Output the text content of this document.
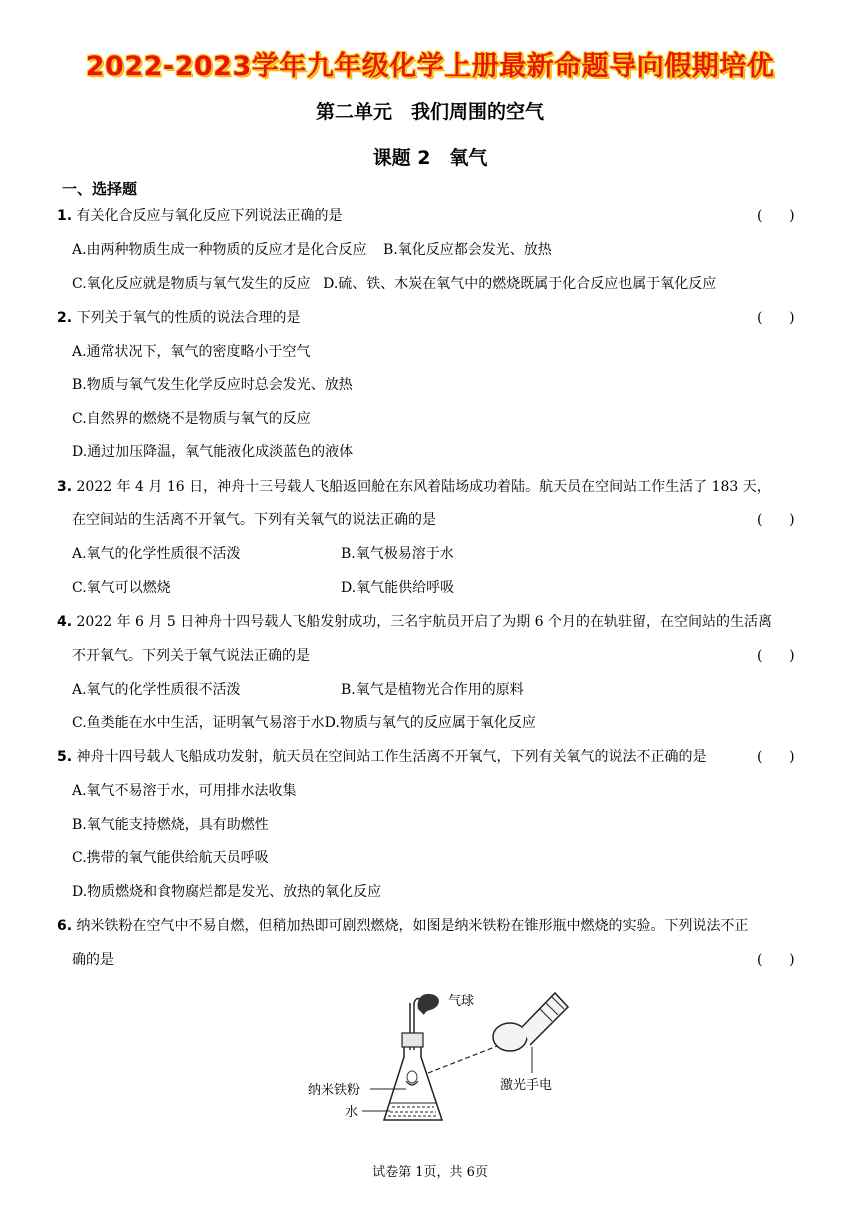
2022-2023学年九年级化学上册最新命题导向假期培优
第二单元　我们周围的空气
课题 2　氧气
一、选择题
1. 有关化合反应与氧化反应下列说法正确的是	(      )
A.由两种物质生成一种物质的反应才是化合反应 B.氧化反应都会发光、放热
C.氧化反应就是物质与氧气发生的反应 D.硫、铁、木炭在氧气中的燃烧既属于化合反应也属于氧化反应
2. 下列关于氧气的性质的说法合理的是	(      )
A.通常状况下，氧气的密度略小于空气
B.物质与氧气发生化学反应时总会发光、放热
C.自然界的燃烧不是物质与氧气的反应
D.通过加压降温，氧气能液化成淡蓝色的液体
3. 2022 年 4 月 16 日，神舟十三号载人飞船返回舱在东风着陆场成功着陆。航天员在空间站工作生活了 183 天，
在空间站的生活离不开氧气。下列有关氧气的说法正确的是	(      )
A.氧气的化学性质很不活泼	B.氧气极易溶于水
C.氧气可以燃烧	D.氧气能供给呼吸
4. 2022 年 6 月 5 日神舟十四号载人飞船发射成功，三名宇航员开启了为期 6 个月的在轨驻留，在空间站的生活离
不开氧气。下列关于氧气说法正确的是	(      )
A.氧气的化学性质很不活泼	B.氧气是植物光合作用的原料
C.鱼类能在水中生活，证明氧气易溶于水D.物质与氧气的反应属于氧化反应
5. 神舟十四号载人飞船成功发射，航天员在空间站工作生活离不开氧气，下列有关氧气的说法不正确的是	(      )
A.氧气不易溶于水，可用排水法收集
B.氧气能支持燃烧，具有助燃性
C.携带的氧气能供给航天员呼吸
D.物质燃烧和食物腐烂都是发光、放热的氧化反应
6. 纳米铁粉在空气中不易自燃，但稍加热即可剧烈燃烧，如图是纳米铁粉在锥形瓶中燃烧的实验。下列说法不正
确的是	(      )
气球
纳米铁粉
水
激光手电
试卷第 1页，共 6页
